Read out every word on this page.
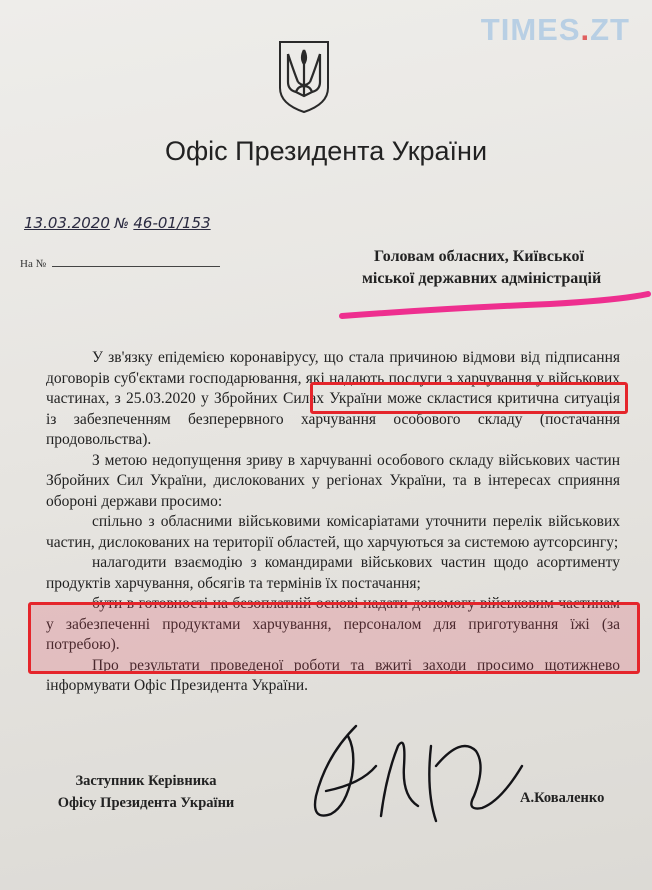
TIMES.ZT
Офіс Президента України
13.03.2020 № 46-01/153
На №	Головам обласних, Київської
міської державних адміністрацій

У зв'язку епідемією коронавірусу, що стала причиною відмови від підписання договорів суб'єктами господарювання, які надають послуги з харчування у військових частинах, з 25.03.2020 у Збройних Силах України може скластися критична ситуація із забезпеченням безперервного харчування особового складу (постачання продовольства).

З метою недопущення зриву в харчуванні особового складу військових частин Збройних Сил України, дислокованих у регіонах України, та в інтересах сприяння обороні держави просимо:

спільно з обласними військовими комісаріатами уточнити перелік військових частин, дислокованих на території областей, що харчуються за системою аутсорсингу;

налагодити взаємодію з командирами військових частин щодо асортименту продуктів харчування, обсягів та термінів їх постачання;

бути в готовності на безоплатній основі надати допомогу військовим частинам у забезпеченні продуктами харчування, персоналом для приготування їжі (за потребою).

Про результати проведеної роботи та вжиті заходи просимо щотижнево інформувати Офіс Президента України.

Заступник Керівника
Офісу Президента України	А.Коваленко
